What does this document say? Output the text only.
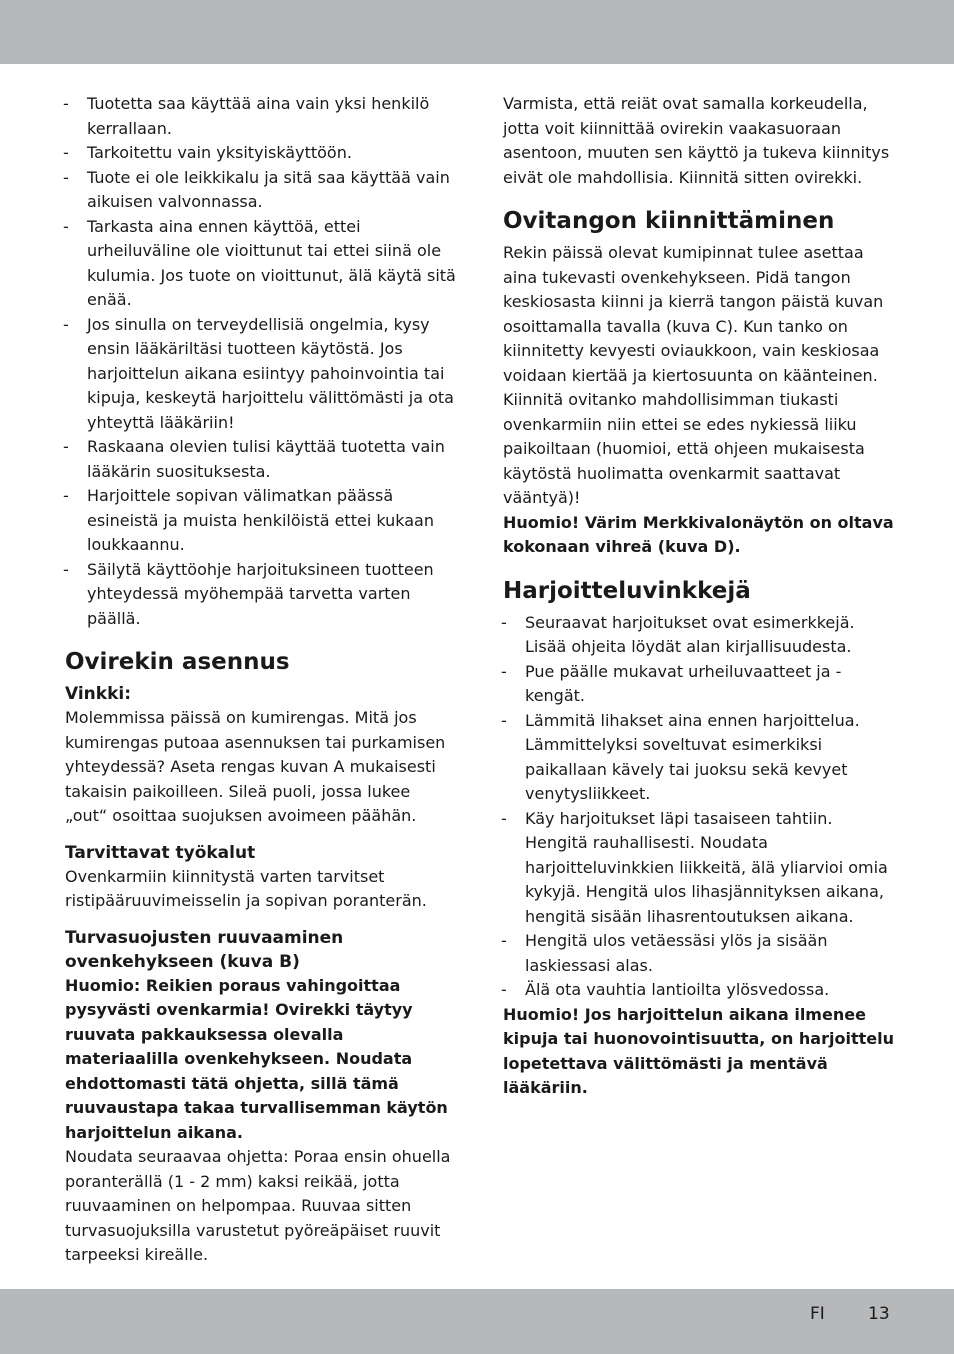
- Tuotetta saa käyttää aina vain yksi henkilö kerrallaan.
- Tarkoitettu vain yksityiskäyttöön.
- Tuote ei ole leikkikalu ja sitä saa käyttää vain aikuisen valvonnassa.
- Tarkasta aina ennen käyttöä, ettei urheiluväline ole vioittunut tai ettei siinä ole kulumia. Jos tuote on vioittunut, älä käytä sitä enää.
- Jos sinulla on terveydellisiä ongelmia, kysy ensin lääkäriltäsi tuotteen käytöstä. Jos harjoittelun aikana esiintyy pahoinvointia tai kipuja, keskeytä harjoittelu välittömästi ja ota yhteyttä lääkäriin!
- Raskaana olevien tulisi käyttää tuotetta vain lääkärin suosituksesta.
- Harjoittele sopivan välimatkan päässä esineistä ja muista henkilöistä ettei kukaan loukkaannu.
- Säilytä käyttöohje harjoituksineen tuotteen yhteydessä myöhempää tarvetta varten päällä.
Ovirekin asennus
Vinkki:

Molemmissa päissä on kumirengas. Mitä jos kumirengas putoaa asennuksen tai purkamisen yhteydessä? Aseta rengas kuvan A mukaisesti takaisin paikoilleen. Sileä puoli, jossa lukee „out“ osoittaa suojuksen avoimeen päähän.

Tarvittavat työkalut

Ovenkarmiin kiinnitystä varten tarvitset ristipääruuvimeisselin ja sopivan poranterän.

Turvasuojusten ruuvaaminen ovenkehykseen (kuva B)

Huomio: Reikien poraus vahingoittaa pysyvästi ovenkarmia! Ovirekki täytyy ruuvata pakkauksessa olevalla materiaalilla ovenkehykseen. Noudata ehdottomasti tätä ohjetta, sillä tämä ruuvaustapa takaa turvallisemman käytön harjoittelun aikana.

Noudata seuraavaa ohjetta: Poraa ensin ohuella poranterällä (1 - 2 mm) kaksi reikää, jotta ruuvaaminen on helpompaa. Ruuvaa sitten turvasuojuksilla varustetut pyöreäpäiset ruuvit tarpeeksi kireälle.

Varmista, että reiät ovat samalla korkeudella, jotta voit kiinnittää ovirekin vaakasuoraan asentoon, muuten sen käyttö ja tukeva kiinnitys eivät ole mahdollisia. Kiinnitä sitten ovirekki.

Ovitangon kiinnittäminen

Rekin päissä olevat kumipinnat tulee asettaa aina tukevasti ovenkehykseen. Pidä tangon keskiosasta kiinni ja kierrä tangon päistä kuvan osoittamalla tavalla (kuva C). Kun tanko on kiinnitetty kevyesti oviaukkoon, vain keskiosaa voidaan kiertää ja kiertosuunta on käänteinen. Kiinnitä ovitanko mahdollisimman tiukasti ovenkarmiin niin ettei se edes nykiessä liiku paikoiltaan (huomioi, että ohjeen mukaisesta käytöstä huolimatta ovenkarmit saattavat vääntyä)!

Huomio! Värim Merkkivalonäytön on oltava kokonaan vihreä (kuva D).

Harjoitteluvinkkejä
- Seuraavat harjoitukset ovat esimerkkejä. Lisää ohjeita löydät alan kirjallisuudesta.
- Pue päälle mukavat urheiluvaatteet ja -kengät.
- Lämmitä lihakset aina ennen harjoittelua. Lämmittelyksi soveltuvat esimerkiksi paikallaan kävely tai juoksu sekä kevyet venytysliikkeet.
- Käy harjoitukset läpi tasaiseen tahtiin. Hengitä rauhallisesti. Noudata harjoitteluvinkkien liikkeitä, älä yliarvioi omia kykyjä. Hengitä ulos lihasjännityksen aikana, hengitä sisään lihasrentoutuksen aikana.
- Hengitä ulos vetäessäsi ylös ja sisään laskiessasi alas.
- Älä ota vauhtia lantioilta ylösvedossa.

Huomio! Jos harjoittelun aikana ilmenee kipuja tai huonovointisuutta, on harjoittelu lopetettava välittömästi ja mentävä lääkäriin.

FI	13
